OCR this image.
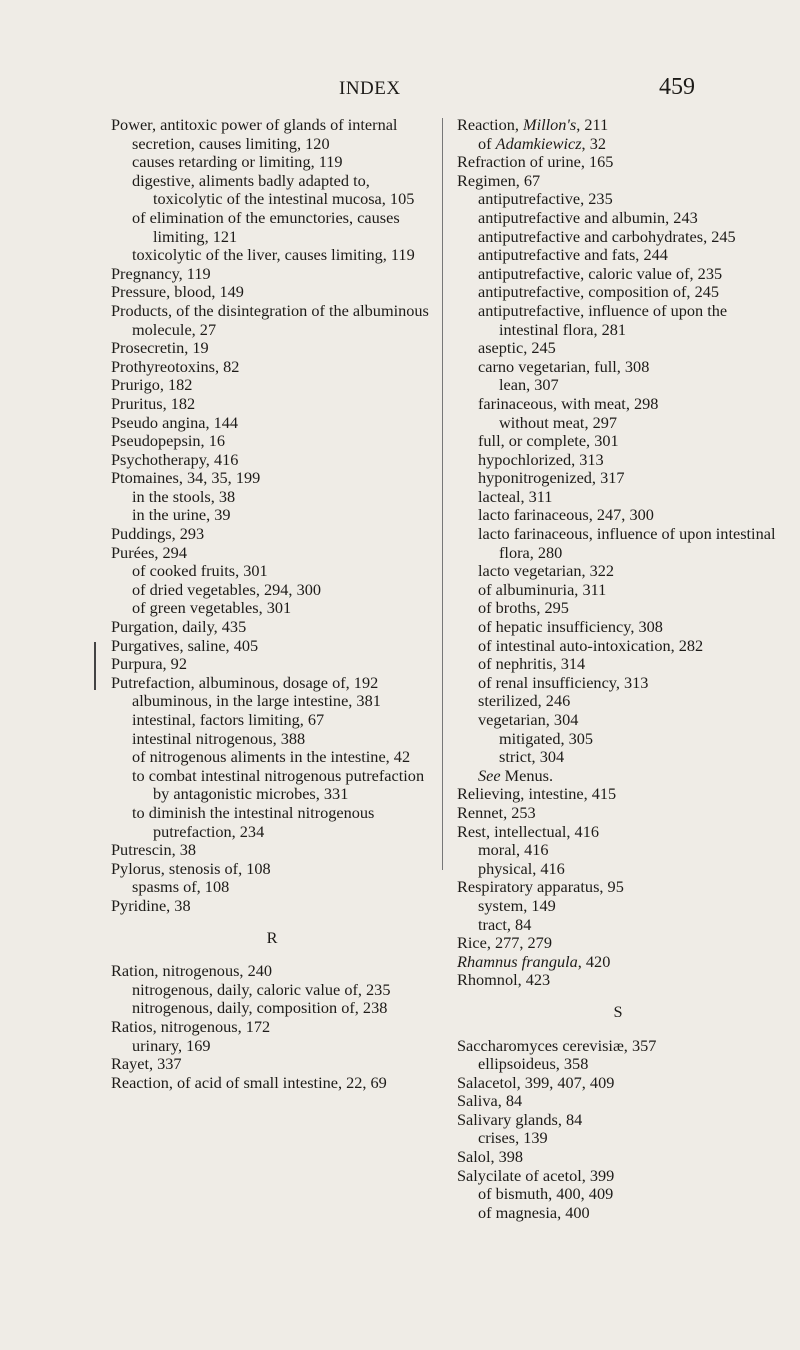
INDEX	459
Power, antitoxic power of glands of internal secretion, causes limiting, 120
causes retarding or limiting, 119
digestive, aliments badly adapted to, toxicolytic of the intestinal mucosa, 105
of elimination of the emunctories, causes limiting, 121
toxicolytic of the liver, causes limiting, 119
Pregnancy, 119
Pressure, blood, 149
Products, of the disintegration of the albuminous molecule, 27
Prosecretin, 19
Prothyreotoxins, 82
Prurigo, 182
Pruritus, 182
Pseudo angina, 144
Pseudopepsin, 16
Psychotherapy, 416
Ptomaines, 34, 35, 199
in the stools, 38
in the urine, 39
Puddings, 293
Purées, 294
of cooked fruits, 301
of dried vegetables, 294, 300
of green vegetables, 301
Purgation, daily, 435
Purgatives, saline, 405
Purpura, 92
Putrefaction, albuminous, dosage of, 192
albuminous, in the large intestine, 381
intestinal, factors limiting, 67
intestinal nitrogenous, 388
of nitrogenous aliments in the intestine, 42
to combat intestinal nitrogenous putrefaction by antagonistic microbes, 331
to diminish the intestinal nitrogenous putrefaction, 234
Putrescin, 38
Pylorus, stenosis of, 108
spasms of, 108
Pyridine, 38
R
Ration, nitrogenous, 240
nitrogenous, daily, caloric value of, 235
nitrogenous, daily, composition of, 238
Ratios, nitrogenous, 172
urinary, 169
Rayet, 337
Reaction, of acid of small intestine, 22, 69
Reaction, Millon's, 211
of Adamkiewicz, 32
Refraction of urine, 165
Regimen, 67
antiputrefactive, 235
antiputrefactive and albumin, 243
antiputrefactive and carbohydrates, 245
antiputrefactive and fats, 244
antiputrefactive, caloric value of, 235
antiputrefactive, composition of, 245
antiputrefactive, influence of upon the intestinal flora, 281
aseptic, 245
carno vegetarian, full, 308
lean, 307
farinaceous, with meat, 298
without meat, 297
full, or complete, 301
hypochlorized, 313
hyponitrogenized, 317
lacteal, 311
lacto farinaceous, 247, 300
lacto farinaceous, influence of upon intestinal flora, 280
lacto vegetarian, 322
of albuminuria, 311
of broths, 295
of hepatic insufficiency, 308
of intestinal auto-intoxication, 282
of nephritis, 314
of renal insufficiency, 313
sterilized, 246
vegetarian, 304
mitigated, 305
strict, 304
See Menus.
Relieving, intestine, 415
Rennet, 253
Rest, intellectual, 416
moral, 416
physical, 416
Respiratory apparatus, 95
system, 149
tract, 84
Rice, 277, 279
Rhamnus frangula, 420
Rhomnol, 423
S
Saccharomyces cerevisiæ, 357
ellipsoideus, 358
Salacetol, 399, 407, 409
Saliva, 84
Salivary glands, 84
crises, 139
Salol, 398
Salycilate of acetol, 399
of bismuth, 400, 409
of magnesia, 400
